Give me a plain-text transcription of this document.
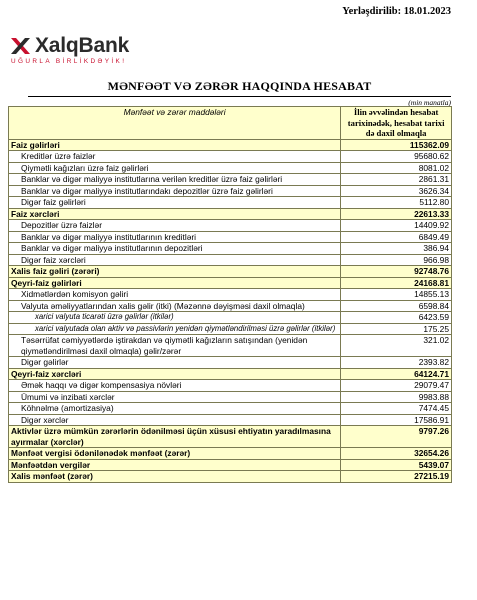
Yerləşdirilib: 18.01.2023
XalqBank
UĞURLA BİRLİKDƏYİK!
MƏNFƏƏT VƏ ZƏRƏR HAQQINDA HESABAT
(min manatla)
Mənfəət və zərər maddələri	İlin əvvəlindən hesabat tarixinədək, hesabat tarixi də daxil olmaqla
Faiz gəlirləri	115362.09
Kreditlər üzrə faizlər	95680.62
Qiymətli kağızları üzrə faiz gəlirləri	8081.02
Banklar və digər maliyyə institutlarına verilən kreditlər üzrə faiz gəlirləri	2861.31
Banklar və digər maliyyə institutlarındakı depozitlər üzrə faiz gəlirləri	3626.34
Digər faiz gəlirləri	5112.80
Faiz xərcləri	22613.33
Depozitlər üzrə faizlər	14409.92
Banklar və digər maliyyə institutlarının kreditləri	6849.49
Banklar və digər maliyyə institutlarının depozitləri	386.94
Digər faiz xərcləri	966.98
Xalis faiz gəliri (zərəri)	92748.76
Qeyri-faiz gəlirləri	24168.81
Xidmətlərdən komisyon gəliri	14855.13
Valyuta əməliyyatlarından xalis gəlir (itki) (Məzənnə dəyişməsi daxil olmaqla)	6598.84
xarici valyuta ticarəti üzrə gəlirlər (itkilər)	6423.59
xarici valyutada olan aktiv və passivlərin yenidən qiymətləndirilməsi üzrə gəlirlər (itkilər)	175.25
Təsərrüfat cəmiyyətlərdə iştirakdan və qiymətli kağızların satışından (yenidən qiymətləndirilməsi daxil olmaqla) gəlir/zərər	321.02
Digər gəlirlər	2393.82
Qeyri-faiz xərcləri	64124.71
Əmək haqqı və digər kompensasiya növləri	29079.47
Ümumi və inzibati xərclər	9983.88
Köhnəlmə (amortizasiya)	7474.45
Digər xərclər	17586.91
Aktivlər üzrə mümkün zərərlərin ödənilməsi üçün xüsusi ehtiyatın yaradılmasına ayırmalar (xərclər)	9797.26
Mənfəət vergisi ödənilənədək mənfəət (zərər)	32654.26
Mənfəətdən vergilər	5439.07
Xalis mənfəət (zərər)	27215.19
